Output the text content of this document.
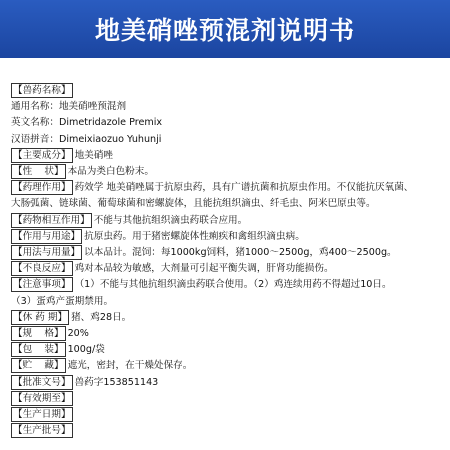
地美硝唑预混剂说明书
【兽药名称】
通用名称：地美硝唑预混剂
英文名称：Dimetridazole Premix
汉语拼音：Dimeixiaozuo Yuhunji
【主要成分】 地美硝唑
【性    状】 本品为类白色粉末。
【药理作用】 药效学 地美硝唑属于抗原虫药，具有广谱抗菌和抗原虫作用。不仅能抗厌氧菌、
大肠弧菌、链球菌、葡萄球菌和密螺旋体，且能抗组织滴虫、纤毛虫、阿米巴原虫等。
【药物相互作用】 不能与其他抗组织滴虫药联合应用。
【作用与用途】 抗原虫药。用于猪密螺旋体性痢疾和禽组织滴虫病。
【用法与用量】 以本品计。混饲：每1000kg饲料，猪1000～2500g，鸡400～2500g。
【不良反应】 鸡对本品较为敏感，大剂量可引起平衡失调，肝肾功能损伤。
【注意事项】 （1）不能与其他抗组织滴虫药联合使用。（2）鸡连续用药不得超过10日。
（3）蛋鸡产蛋期禁用。
【休 药 期】 猪、鸡28日。
【规    格】 20%
【包    装】 100g/袋
【贮    藏】 遮光，密封，在干燥处保存。
【批准文号】 兽药字153851143
【有效期至】
【生产日期】
【生产批号】
